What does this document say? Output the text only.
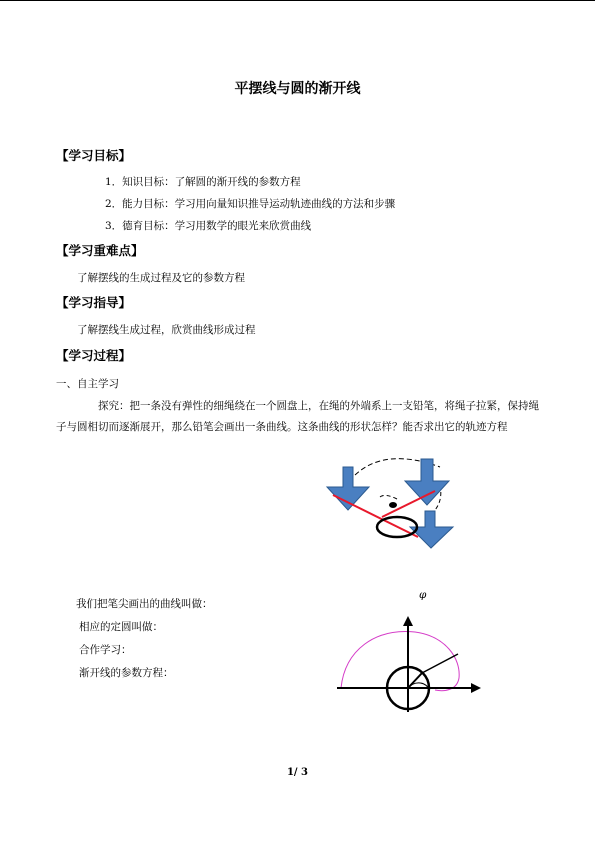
平摆线与圆的渐开线
【学习目标】
1．知识目标：了解圆的渐开线的参数方程
2．能力目标：学习用向量知识推导运动轨迹曲线的方法和步骤
3．德育目标：学习用数学的眼光来欣赏曲线
【学习重难点】
了解摆线的生成过程及它的参数方程
【学习指导】
了解摆线生成过程，欣赏曲线形成过程
【学习过程】
一、自主学习
探究：把一条没有弹性的细绳绕在一个圆盘上，在绳的外端系上一支铅笔，将绳子拉紧，保持绳子与圆相切而逐渐展开，那么铅笔会画出一条曲线。这条曲线的形状怎样？能否求出它的轨迹方程
我们把笔尖画出的曲线叫做：
相应的定圆叫做：
合作学习：
渐开线的参数方程：
φ
1/ 3
